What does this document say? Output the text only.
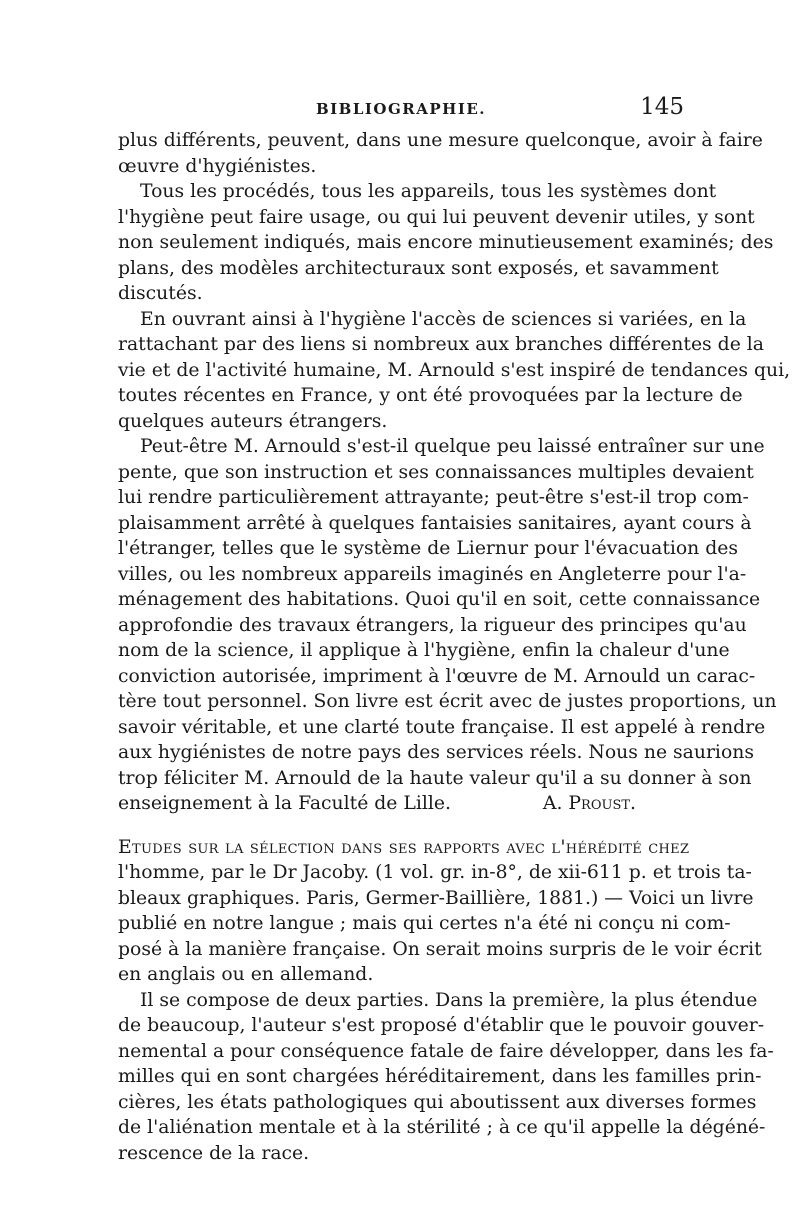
BIBLIOGRAPHIE.	145
plus différents, peuvent, dans une mesure quelconque, avoir à faire
œuvre d'hygiénistes.
Tous les procédés, tous les appareils, tous les systèmes dont
l'hygiène peut faire usage, ou qui lui peuvent devenir utiles, y sont
non seulement indiqués, mais encore minutieusement examinés; des
plans, des modèles architecturaux sont exposés, et savamment
discutés.
En ouvrant ainsi à l'hygiène l'accès de sciences si variées, en la
rattachant par des liens si nombreux aux branches différentes de la
vie et de l'activité humaine, M. Arnould s'est inspiré de tendances qui,
toutes récentes en France, y ont été provoquées par la lecture de
quelques auteurs étrangers.
Peut-être M. Arnould s'est-il quelque peu laissé entraîner sur une
pente, que son instruction et ses connaissances multiples devaient
lui rendre particulièrement attrayante; peut-être s'est-il trop com-
plaisamment arrêté à quelques fantaisies sanitaires, ayant cours à
l'étranger, telles que le système de Liernur pour l'évacuation des
villes, ou les nombreux appareils imaginés en Angleterre pour l'a-
ménagement des habitations. Quoi qu'il en soit, cette connaissance
approfondie des travaux étrangers, la rigueur des principes qu'au
nom de la science, il applique à l'hygiène, enfin la chaleur d'une
conviction autorisée, impriment à l'œuvre de M. Arnould un carac-
tère tout personnel. Son livre est écrit avec de justes proportions, un
savoir véritable, et une clarté toute française. Il est appelé à rendre
aux hygiénistes de notre pays des services réels. Nous ne saurions
trop féliciter M. Arnould de la haute valeur qu'il a su donner à son
enseignement à la Faculté de Lille.	A. Proust.
Etudes sur la sélection dans ses rapports avec l'hérédité chez
l'homme, par le Dr Jacoby. (1 vol. gr. in-8°, de xii-611 p. et trois ta-
bleaux graphiques. Paris, Germer-Baillière, 1881.) — Voici un livre
publié en notre langue ; mais qui certes n'a été ni conçu ni com-
posé à la manière française. On serait moins surpris de le voir écrit
en anglais ou en allemand.
Il se compose de deux parties. Dans la première, la plus étendue
de beaucoup, l'auteur s'est proposé d'établir que le pouvoir gouver-
nemental a pour conséquence fatale de faire développer, dans les fa-
milles qui en sont chargées héréditairement, dans les familles prin-
cières, les états pathologiques qui aboutissent aux diverses formes
de l'aliénation mentale et à la stérilité ; à ce qu'il appelle la dégéné-
rescence de la race.
